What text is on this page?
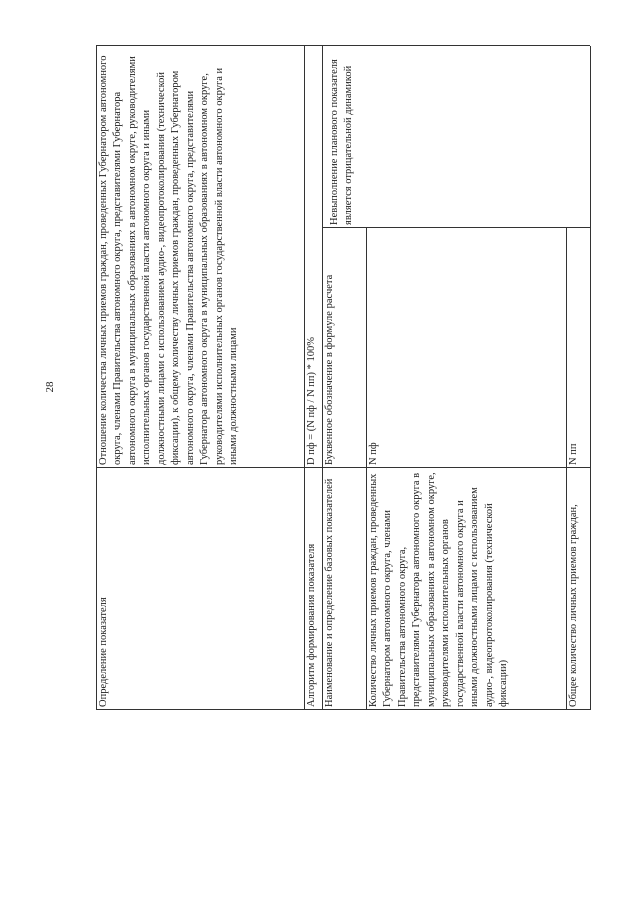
28
Определение показателя
Отношение количества личных приемов граждан, проведенных Губернатором автономного округа, членами Правительства автономного округа, представителями Губернатора автономного округа в муниципальных образованиях в автономном округе, руководителями исполнительных органов государственной власти автономного округа и иными должностными лицами с использованием аудио-, видеопротоколирования (технической фиксации), к общему количеству личных приемов граждан, проведенных Губернатором автономного округа, членами Правительства автономного округа, представителями Губернатора автономного округа в муниципальных образованиях в автономном округе, руководителями исполнительных органов государственной власти автономного округа и иными должностными лицами
Алгоритм формирования показателя
D пф = (N пф / N пп) * 100%
Наименование и определение базовых показателей
Буквенное обозначение в формуле расчета
Невыполнение планового показателя является отрицательной динамикой
Количество личных приемов граждан, проведенных Губернатором автономного округа, членами Правительства автономного округа, представителями Губернатора автономного округа в муниципальных образованиях в автономном округе, руководителями исполнительных органов государственной власти автономного округа и иными должностными лицами с использованием аудио-, видеопротоколирования (технической фиксации)
N пф
Общее количество личных приемов граждан,
N пп
